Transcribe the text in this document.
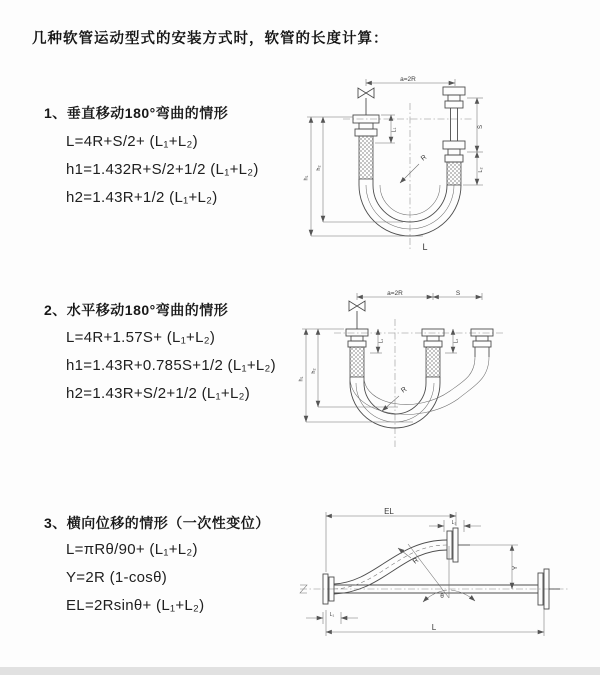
几种软管运动型式的安装方式时，软管的长度计算：
1、垂直移动180°弯曲的情形
L=4R+S/2+ (L₁+L₂)
h1=1.432R+S/2+1/2 (L₁+L₂)
h2=1.43R+1/2 (L₁+L₂)
2、水平移动180°弯曲的情形
L=4R+1.57S+ (L₁+L₂)
h1=1.43R+0.785S+1/2 (L₁+L₂)
h2=1.43R+S/2+1/2 (L₁+L₂)
3、横向位移的情形（一次性变位）
L=πRθ/90+ (L₁+L₂)
Y=2R (1-cosθ)
EL=2Rsinθ+ (L₁+L₂)
a=2R
S
L₂
L₁
h₁
h₂
R
L
a=2R	S
h₁
h₂
L₁	L₂
R
EL
L₂
Y
θ
R
L₁
L
